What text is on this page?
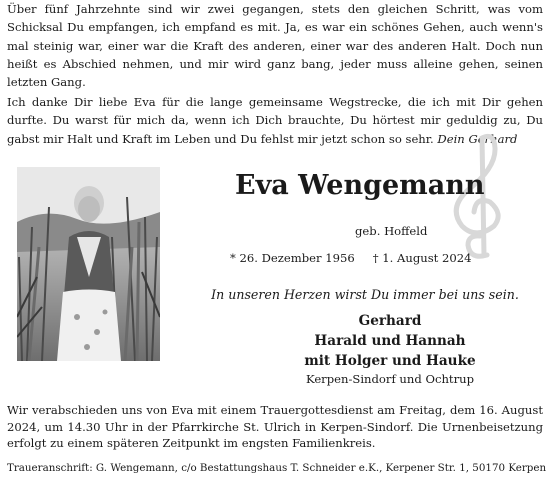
Über fünf Jahrzehnte sind wir zwei gegangen, stets den gleichen Schritt, was vom Schicksal Du empfangen, ich empfand es mit. Ja, es war ein schönes Gehen, auch wenn's mal steinig war, einer war die Kraft des anderen, einer war des anderen Halt. Doch nun heißt es Abschied nehmen, und mir wird ganz bang, jeder muss alleine gehen, seinen letzten Gang.

Ich danke Dir liebe Eva für die lange gemeinsame Wegstrecke, die ich mit Dir gehen durfte. Du warst für mich da, wenn ich Dich brauchte, Du hörtest mir geduldig zu, Du gabst mir Halt und Kraft im Leben und Du fehlst mir jetzt schon so sehr. Dein Gerhard

Eva Wengemann
geb. Hoffeld
* 26. Dezember 1956 † 1. August 2024
In unseren Herzen wirst Du immer bei uns sein.
Gerhard
Harald und Hannah
mit Holger und Hauke
Kerpen-Sindorf und Ochtrup

Wir verabschieden uns von Eva mit einem Trauergottesdienst am Freitag, dem 16. August 2024, um 14.30 Uhr in der Pfarrkirche St. Ulrich in Kerpen-Sindorf. Die Urnenbeisetzung erfolgt zu einem späteren Zeitpunkt im engsten Familienkreis.

Traueranschrift: G. Wengemann, c/o Bestattungshaus T. Schneider e.K., Kerpener Str. 1, 50170 Kerpen
